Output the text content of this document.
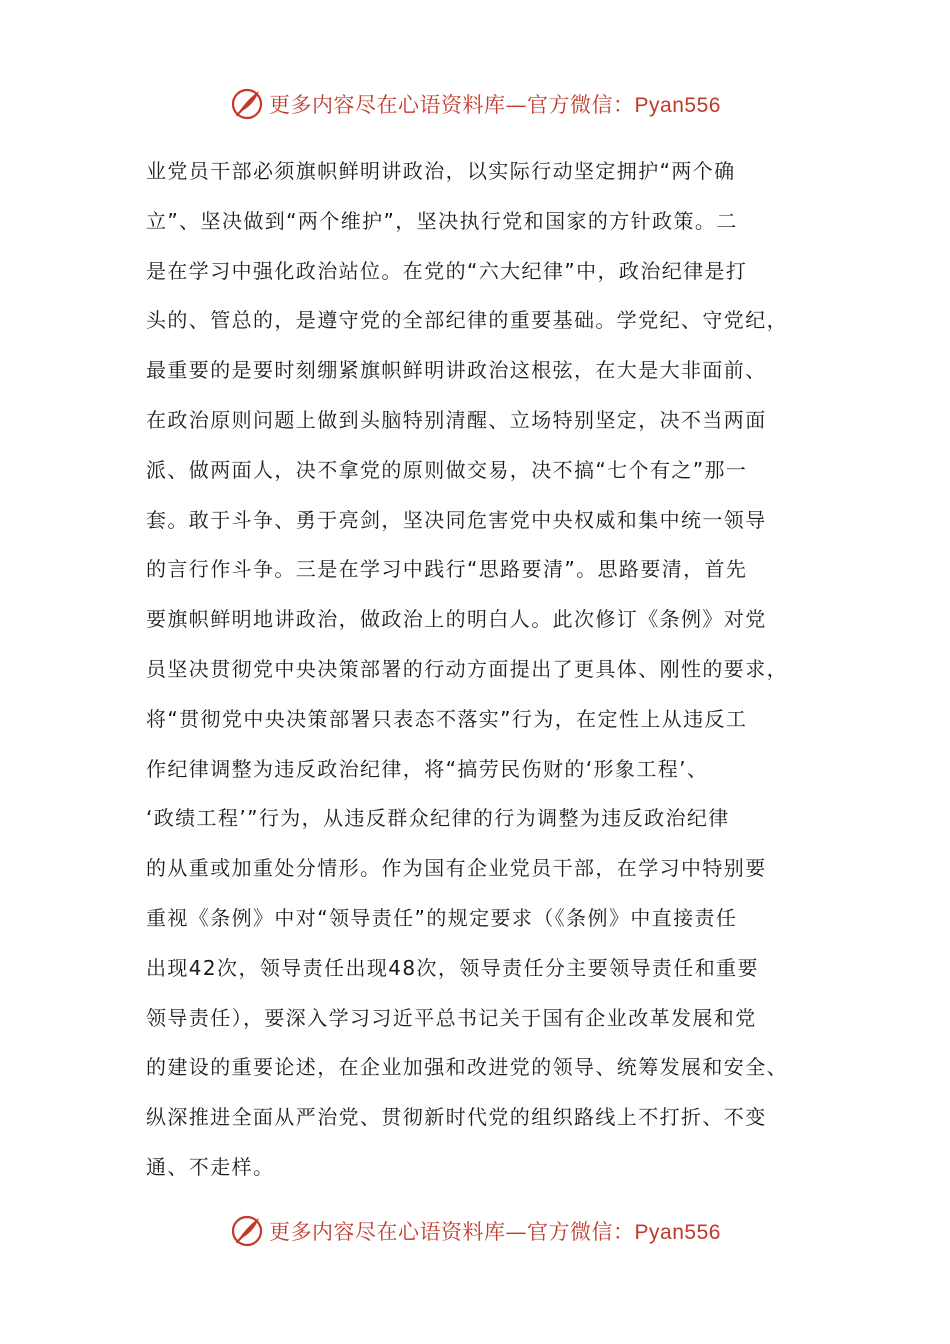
更多内容尽在心语资料库—官方微信：Pyan556
业党员干部必须旗帜鲜明讲政治，以实际行动坚定拥护“两个确
立”、坚决做到“两个维护”，坚决执行党和国家的方针政策。二
是在学习中强化政治站位。在党的“六大纪律”中，政治纪律是打
头的、管总的，是遵守党的全部纪律的重要基础。学党纪、守党纪，
最重要的是要时刻绷紧旗帜鲜明讲政治这根弦，在大是大非面前、
在政治原则问题上做到头脑特别清醒、立场特别坚定，决不当两面
派、做两面人，决不拿党的原则做交易，决不搞“七个有之”那一
套。敢于斗争、勇于亮剑，坚决同危害党中央权威和集中统一领导
的言行作斗争。三是在学习中践行“思路要清”。思路要清，首先
要旗帜鲜明地讲政治，做政治上的明白人。此次修订《条例》对党
员坚决贯彻党中央决策部署的行动方面提出了更具体、刚性的要求，
将“贯彻党中央决策部署只表态不落实”行为，在定性上从违反工
作纪律调整为违反政治纪律，将“搞劳民伤财的‘形象工程’、
‘政绩工程’”行为，从违反群众纪律的行为调整为违反政治纪律
的从重或加重处分情形。作为国有企业党员干部，在学习中特别要
重视《条例》中对“领导责任”的规定要求（《条例》中直接责任
出现42次，领导责任出现48次，领导责任分主要领导责任和重要
领导责任），要深入学习习近平总书记关于国有企业改革发展和党
的建设的重要论述，在企业加强和改进党的领导、统筹发展和安全、
纵深推进全面从严治党、贯彻新时代党的组织路线上不打折、不变
通、不走样。
更多内容尽在心语资料库—官方微信：Pyan556
